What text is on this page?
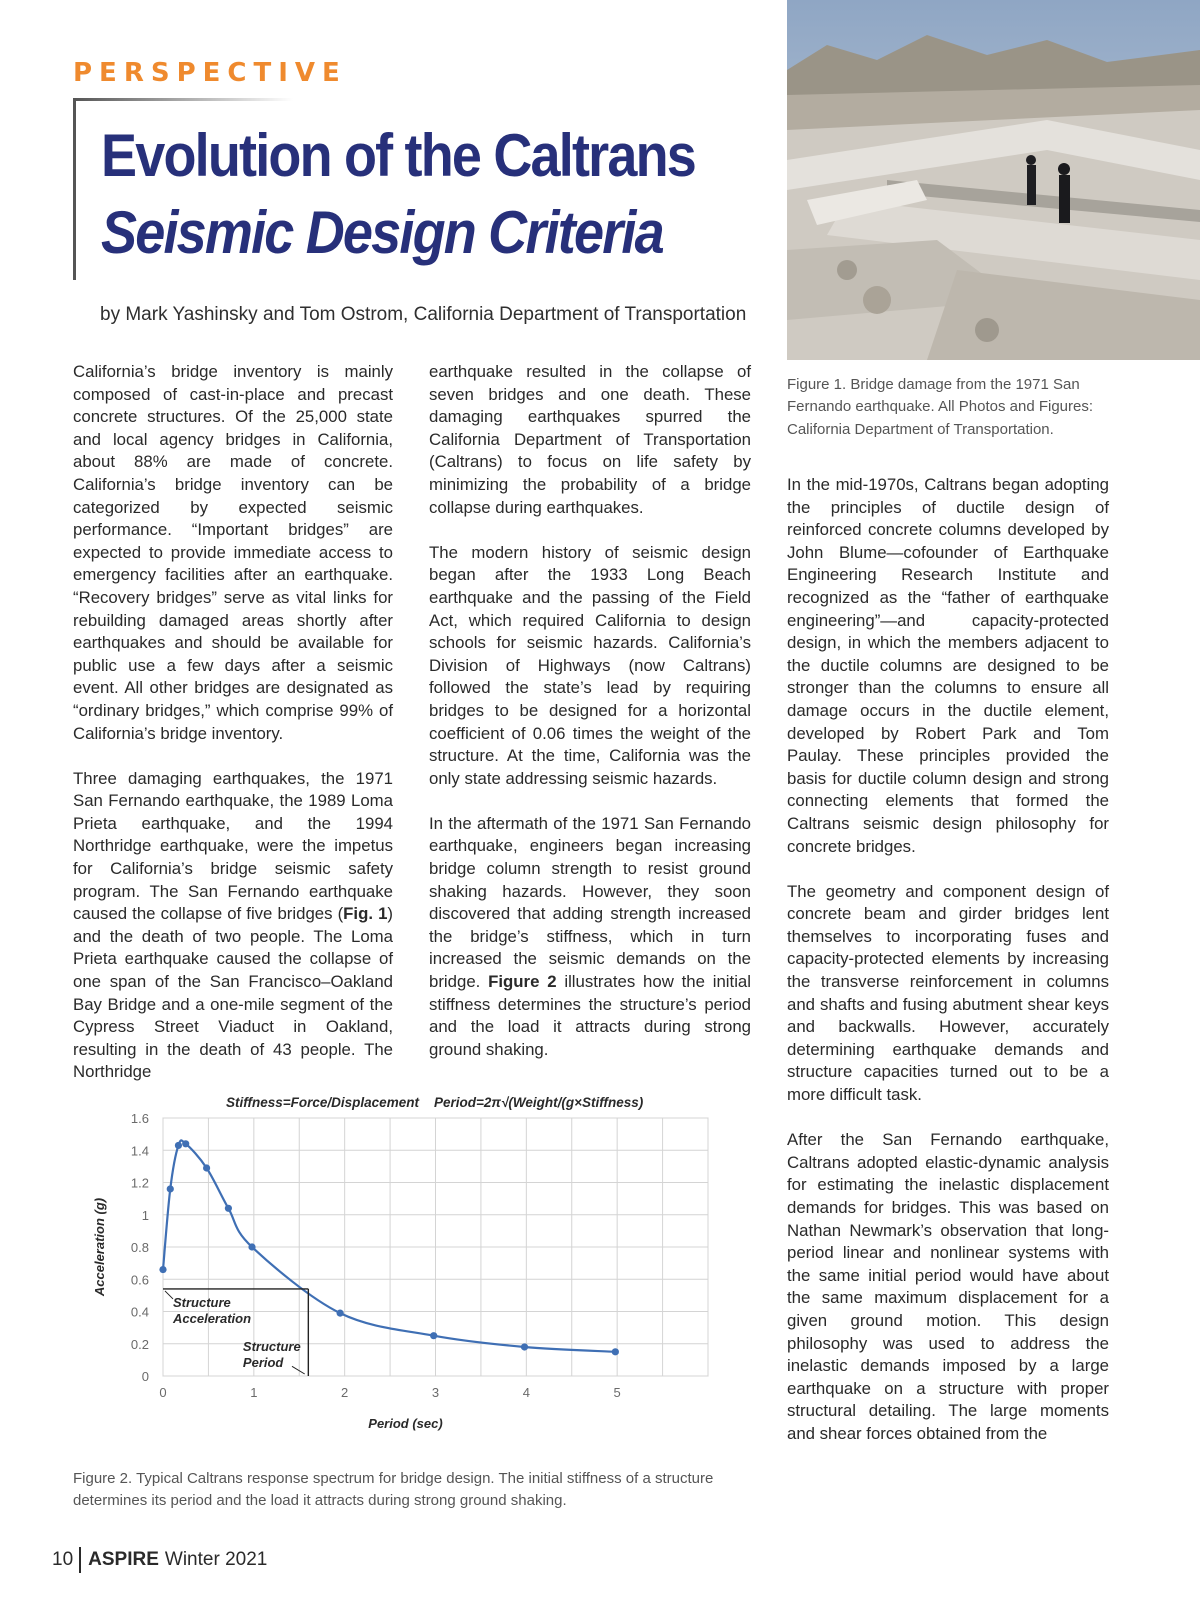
PERSPECTIVE
Evolution of the Caltrans
Seismic Design Criteria
by Mark Yashinsky and Tom Ostrom, California Department of Transportation
Figure 1. Bridge damage from the 1971 San Fernando earthquake. All Photos and Figures: California Department of Transportation.

California’s bridge inventory is mainly composed of cast-in-place and precast concrete structures. Of the 25,000 state and local agency bridges in California, about 88% are made of concrete. California’s bridge inventory can be categorized by expected seismic performance. “Important bridges” are expected to provide immediate access to emergency facilities after an earthquake. “Recovery bridges” serve as vital links for rebuilding damaged areas shortly after earthquakes and should be available for public use a few days after a seismic event. All other bridges are designated as “ordinary bridges,” which comprise 99% of California’s bridge inventory.

Three damaging earthquakes, the 1971 San Fernando earthquake, the 1989 Loma Prieta earthquake, and the 1994 Northridge earthquake, were the impetus for California’s bridge seismic safety program. The San Fernando earthquake caused the collapse of five bridges (Fig. 1) and the death of two people. The Loma Prieta earthquake caused the collapse of one span of the San Francisco–Oakland Bay Bridge and a one-mile segment of the Cypress Street Viaduct in Oakland, resulting in the death of 43 people. The Northridge

earthquake resulted in the collapse of seven bridges and one death. These damaging earthquakes spurred the California Department of Transportation (Caltrans) to focus on life safety by minimizing the probability of a bridge collapse during earthquakes.

The modern history of seismic design began after the 1933 Long Beach earthquake and the passing of the Field Act, which required California to design schools for seismic hazards. California’s Division of Highways (now Caltrans) followed the state’s lead by requiring bridges to be designed for a horizontal coefficient of 0.06 times the weight of the structure. At the time, California was the only state addressing seismic hazards.

In the aftermath of the 1971 San Fernando earthquake, engineers began increasing bridge column strength to resist ground shaking hazards. However, they soon discovered that adding strength increased the bridge’s stiffness, which in turn increased the seismic demands on the bridge. Figure 2 illustrates how the initial stiffness determines the structure’s period and the load it attracts during strong ground shaking.

In the mid-1970s, Caltrans began adopting the principles of ductile design of reinforced concrete columns developed by John Blume—cofounder of Earthquake Engineering Research Institute and recognized as the “father of earthquake engineering”—and capacity-protected design, in which the members adjacent to the ductile columns are designed to be stronger than the columns to ensure all damage occurs in the ductile element, developed by Robert Park and Tom Paulay. These principles provided the basis for ductile column design and strong connecting elements that formed the Caltrans seismic design philosophy for concrete bridges.

The geometry and component design of concrete beam and girder bridges lent themselves to incorporating fuses and capacity-protected elements by increasing the transverse reinforcement in columns and shafts and fusing abutment shear keys and backwalls. However, accurately determining earthquake demands and structure capacities turned out to be a more difficult task.

After the San Fernando earthquake, Caltrans adopted elastic-dynamic analysis for estimating the inelastic displacement demands for bridges. This was based on Nathan Newmark’s observation that long-period linear and nonlinear systems with the same initial period would have about the same maximum displacement for a given ground motion. This design philosophy was used to address the inelastic demands imposed by a large earthquake on a structure with proper structural detailing. The large moments and shear forces obtained from the

0
0.2
0.4
0.6
0.8
1
1.2
1.4
1.6
0	1	2	3	4	5
Period (sec)
Acceleration (g)
Stiffness=Force/Displacement Period=2π√(Weight/(g×Stiffness)
Structure
Acceleration
Structure
Period
Figure 2. Typical Caltrans response spectrum for bridge design. The initial stiffness of a structure determines its period and the load it attracts during strong ground shaking.
10 ASPIRE Winter 2021
